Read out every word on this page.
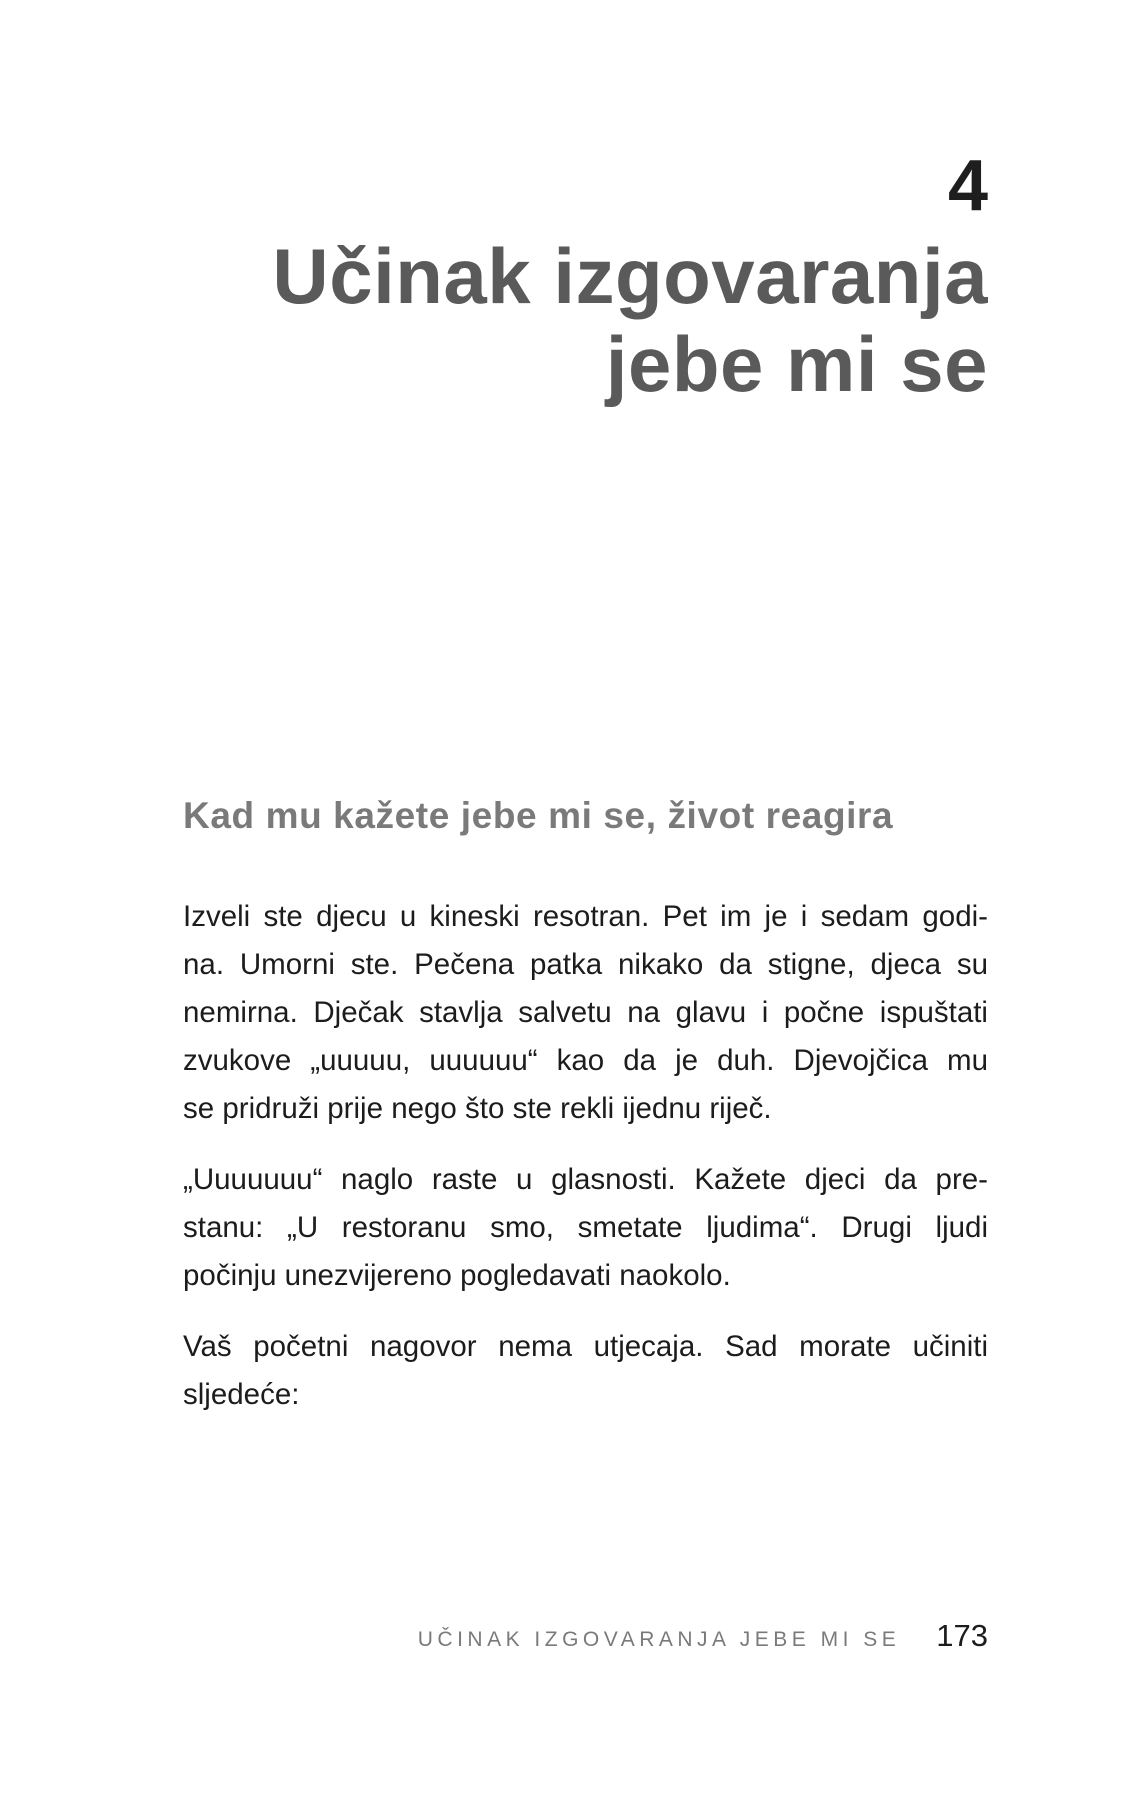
4
Učinak izgovaranja
jebe mi se
Kad mu kažete jebe mi se, život reagira
Izveli ste djecu u kineski resotran. Pet im je i sedam godi-
na. Umorni ste. Pečena patka nikako da stigne, djeca su
nemirna. Dječak stavlja salvetu na glavu i počne ispuštati
zvukove „uuuuu, uuuuuu“ kao da je duh. Djevojčica mu
se pridruži prije nego što ste rekli ijednu riječ.
„Uuuuuuu“ naglo raste u glasnosti. Kažete djeci da pre-
stanu: „U restoranu smo, smetate ljudima“. Drugi ljudi
počinju unezvijereno pogledavati naokolo.
Vaš početni nagovor nema utjecaja. Sad morate učiniti
sljedeće:
UČINAK IZGOVARANJA JEBE MI SE 173
